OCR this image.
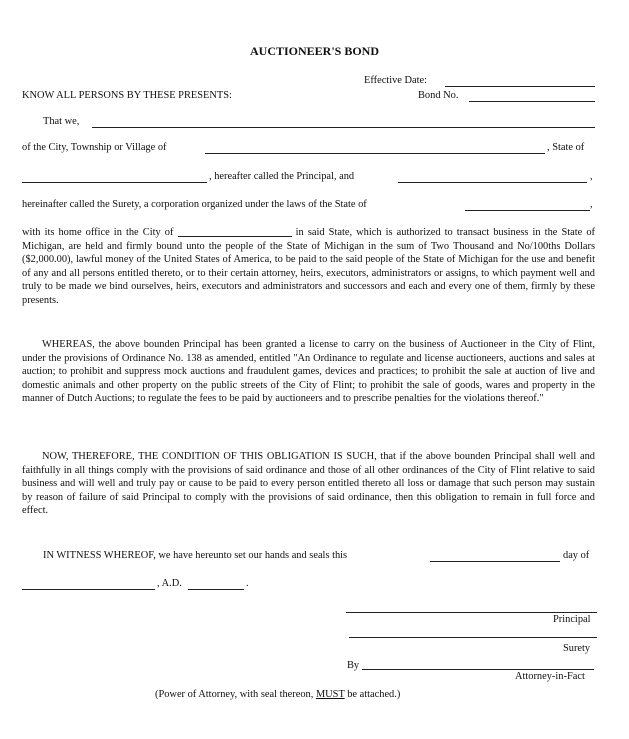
AUCTIONEER'S BOND
Effective Date:
KNOW ALL PERSONS BY THESE PRESENTS:	Bond No.
That we,
of the City, Township or Village of	, State of
, hereafter called the Principal, and	,
hereinafter called the Surety, a corporation organized under the laws of the State of	,
with its home office in the City of	in said State, which is authorized to transact business in the State of Michigan, are held and firmly bound unto the people of the State of Michigan in the sum of Two Thousand and No/100ths Dollars ($2,000.00), lawful money of the United States of America, to be paid to the said people of the State of Michigan for the use and benefit of any and all persons entitled thereto, or to their certain attorney, heirs, executors, administrators or assigns, to which payment well and truly to be made we bind ourselves, heirs, executors and administrators and successors and each and every one of them, firmly by these presents.
WHEREAS, the above bounden Principal has been granted a license to carry on the business of Auctioneer in the City of Flint, under the provisions of Ordinance No. 138 as amended, entitled "An Ordinance to regulate and license auctioneers, auctions and sales at auction; to prohibit and suppress mock auctions and fraudulent games, devices and practices; to prohibit the sale at auction of live and domestic animals and other property on the public streets of the City of Flint; to prohibit the sale of goods, wares and property in the manner of Dutch Auctions; to regulate the fees to be paid by auctioneers and to prescribe penalties for the violations thereof."
NOW, THEREFORE, THE CONDITION OF THIS OBLIGATION IS SUCH, that if the above bounden Principal shall well and faithfully in all things comply with the provisions of said ordinance and those of all other ordinances of the City of Flint relative to said business and will well and truly pay or cause to be paid to every person entitled thereto all loss or damage that such person may sustain by reason of failure of said Principal to comply with the provisions of said ordinance, then this obligation to remain in full force and effect.
IN WITNESS WHEREOF, we have hereunto set our hands and seals this	day of
, A.D.	.
Principal
Surety
By
Attorney-in-Fact
(Power of Attorney, with seal thereon, MUST be attached.)
